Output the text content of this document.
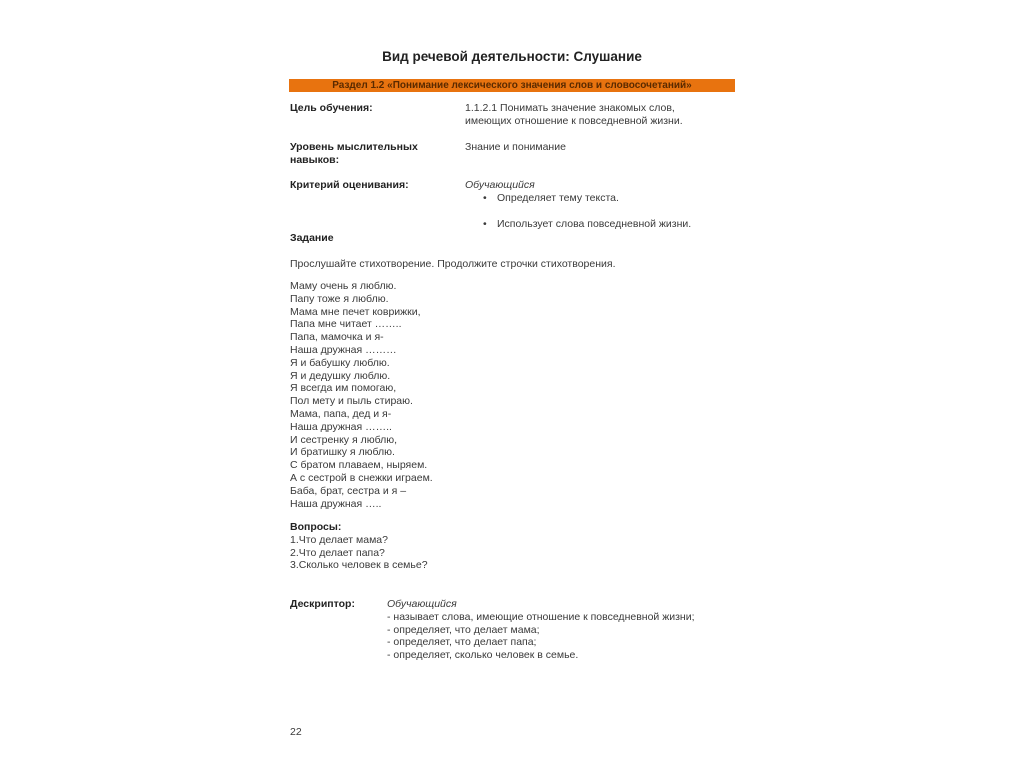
Вид речевой деятельности: Слушание
Раздел 1.2 «Понимание лексического значения слов и словосочетаний»
Цель обучения:	1.1.2.1 Понимать значение знакомых слов,
имеющих отношение к повседневной жизни.
Уровень мыслительных
навыков:
Знание и понимание
Критерий оценивания:	Обучающийся
• Определяет тему текста.
• Использует слова повседневной жизни.
Задание
Прослушайте стихотворение. Продолжите строчки стихотворения.
Маму очень я люблю.
Папу тоже я люблю.
Мама мне печет коврижки,
Папа мне читает ……..
Папа, мамочка и я-
Наша дружная ………
Я и бабушку люблю.
Я и дедушку люблю.
Я всегда им помогаю,
Пол мету и пыль стираю.
Мама, папа, дед и я-
Наша дружная ……..
И сестренку я люблю,
И братишку я люблю.
С братом плаваем, ныряем.
А с сестрой в снежки играем.
Баба, брат, сестра и я –
Наша дружная …..
Вопросы:
1.Что делает мама?
2.Что делает папа?
3.Сколько человек в семье?
Дескриптор:	Обучающийся
- называет слова, имеющие отношение к повседневной жизни;
- определяет, что делает мама;
- определяет, что делает папа;
- определяет, сколько человек в семье.
22
